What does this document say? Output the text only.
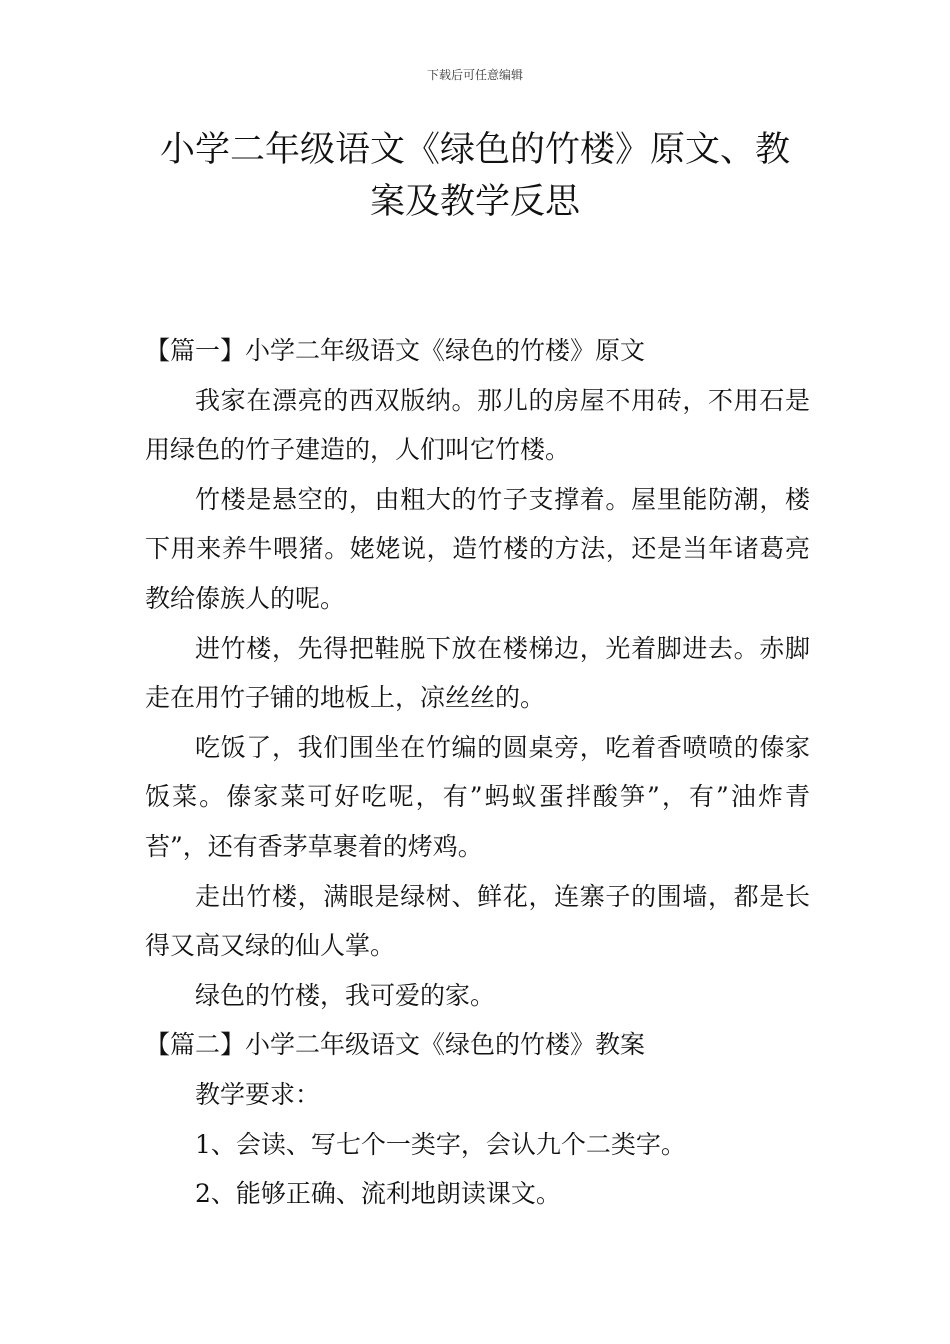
下载后可任意编辑
小学二年级语文《绿色的竹楼》原文、教案及教学反思

【篇一】小学二年级语文《绿色的竹楼》原文

我家在漂亮的西双版纳。那儿的房屋不用砖，不用石是用绿色的竹子建造的，人们叫它竹楼。

竹楼是悬空的，由粗大的竹子支撑着。屋里能防潮，楼下用来养牛喂猪。姥姥说，造竹楼的方法，还是当年诸葛亮教给傣族人的呢。

进竹楼，先得把鞋脱下放在楼梯边，光着脚进去。赤脚走在用竹子铺的地板上，凉丝丝的。

吃饭了，我们围坐在竹编的圆桌旁，吃着香喷喷的傣家饭菜。傣家菜可好吃呢，有”蚂蚁蛋拌酸笋”，有”油炸青苔”，还有香茅草裹着的烤鸡。

走出竹楼，满眼是绿树、鲜花，连寨子的围墙，都是长得又高又绿的仙人掌。

绿色的竹楼，我可爱的家。

【篇二】小学二年级语文《绿色的竹楼》教案

教学要求：

1、会读、写七个一类字，会认九个二类字。

2、能够正确、流利地朗读课文。
